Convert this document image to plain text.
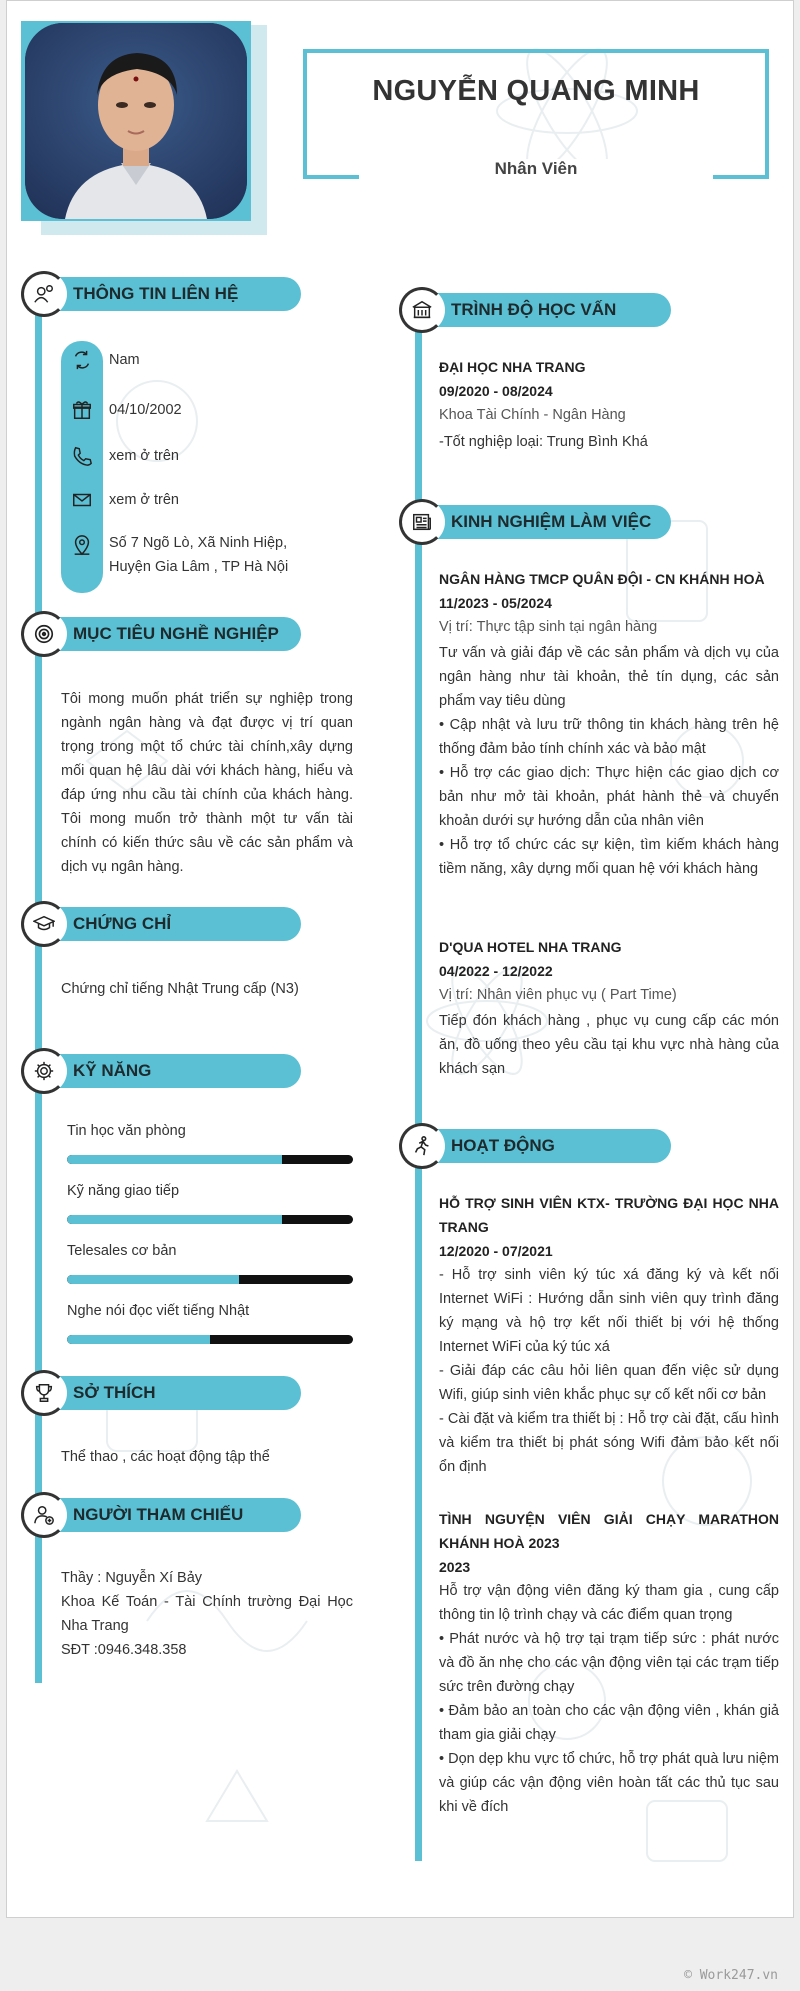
NGUYỄN QUANG MINH
Nhân Viên
THÔNG TIN LIÊN HỆ
Nam
04/10/2002
xem ở trên
xem ở trên
Số 7 Ngõ Lò, Xã Ninh Hiệp,
Huyện Gia Lâm , TP Hà Nội
MỤC TIÊU NGHỀ NGHIỆP
Tôi mong muốn phát triển sự nghiệp trong ngành ngân hàng và đạt được vị trí quan trọng trong một tổ chức tài chính,xây dựng mối quan hệ lâu dài với khách hàng, hiểu và đáp ứng nhu cầu tài chính của khách hàng. Tôi mong muốn trở thành một tư vấn tài chính có kiến thức sâu về các sản phẩm và dịch vụ ngân hàng.
CHỨNG CHỈ
Chứng chỉ tiếng Nhật Trung cấp (N3)
KỸ NĂNG
Tin học văn phòng
Kỹ năng giao tiếp
Telesales cơ bản
Nghe nói đọc viết tiếng Nhật
SỞ THÍCH
Thể thao , các hoạt động tập thể
NGƯỜI THAM CHIẾU
Thầy : Nguyễn Xí Bảy
Khoa Kế Toán - Tài Chính trường Đại Học Nha Trang
SĐT :0946.348.358
TRÌNH ĐỘ HỌC VẤN
ĐẠI HỌC NHA TRANG
09/2020 - 08/2024
Khoa Tài Chính - Ngân Hàng
-Tốt nghiệp loại: Trung Bình Khá
KINH NGHIỆM LÀM VIỆC
NGÂN HÀNG TMCP QUÂN ĐỘI - CN KHÁNH HOÀ
11/2023 - 05/2024
Vị trí: Thực tập sinh tại ngân hàng
Tư vấn và giải đáp về các sản phẩm và dịch vụ của ngân hàng như tài khoản, thẻ tín dụng, các sản phẩm vay tiêu dùng
• Cập nhật và lưu trữ thông tin khách hàng trên hệ thống đảm bảo tính chính xác và bảo mật
• Hỗ trợ các giao dịch: Thực hiện các giao dịch cơ bản như mở tài khoản, phát hành thẻ và chuyển khoản dưới sự hướng dẫn của nhân viên
• Hỗ trợ tổ chức các sự kiện, tìm kiếm khách hàng tiềm năng, xây dựng mối quan hệ với khách hàng
D'QUA HOTEL NHA TRANG
04/2022 - 12/2022
Vị trí: Nhân viên phục vụ ( Part Time)
Tiếp đón khách hàng , phục vụ cung cấp các món ăn, đồ uống theo yêu cầu tại khu vực nhà hàng của khách sạn
HOẠT ĐỘNG
HỖ TRỢ SINH VIÊN KTX- TRƯỜNG ĐẠI HỌC NHA TRANG
12/2020 - 07/2021
- Hỗ trợ sinh viên ký túc xá đăng ký và kết nối Internet WiFi : Hướng dẫn sinh viên quy trình đăng ký mạng và hộ trợ kết nối thiết bị với hệ thống Internet WiFi của ký túc xá
- Giải đáp các câu hỏi liên quan đến việc sử dụng Wifi, giúp sinh viên khắc phục sự cố kết nối cơ bản
- Cài đặt và kiểm tra thiết bị : Hỗ trợ cài đặt, cấu hình và kiểm tra thiết bị phát sóng Wifi đảm bảo kết nối ổn định
TÌNH NGUYỆN VIÊN GIẢI CHẠY MARATHON KHÁNH HOÀ 2023
2023
Hỗ trợ vận động viên đăng ký tham gia , cung cấp thông tin lộ trình chạy và các điểm quan trọng
• Phát nước và hộ trợ tại trạm tiếp sức : phát nước và đồ ăn nhẹ cho các vận động viên tại các trạm tiếp sức trên đường chạy
• Đảm bảo an toàn cho các vận động viên , khán giả tham gia giải chạy
• Dọn dẹp khu vực tổ chức, hỗ trợ phát quà lưu niệm và giúp các vận động viên hoàn tất các thủ tục sau khi về đích
© Work247.vn
